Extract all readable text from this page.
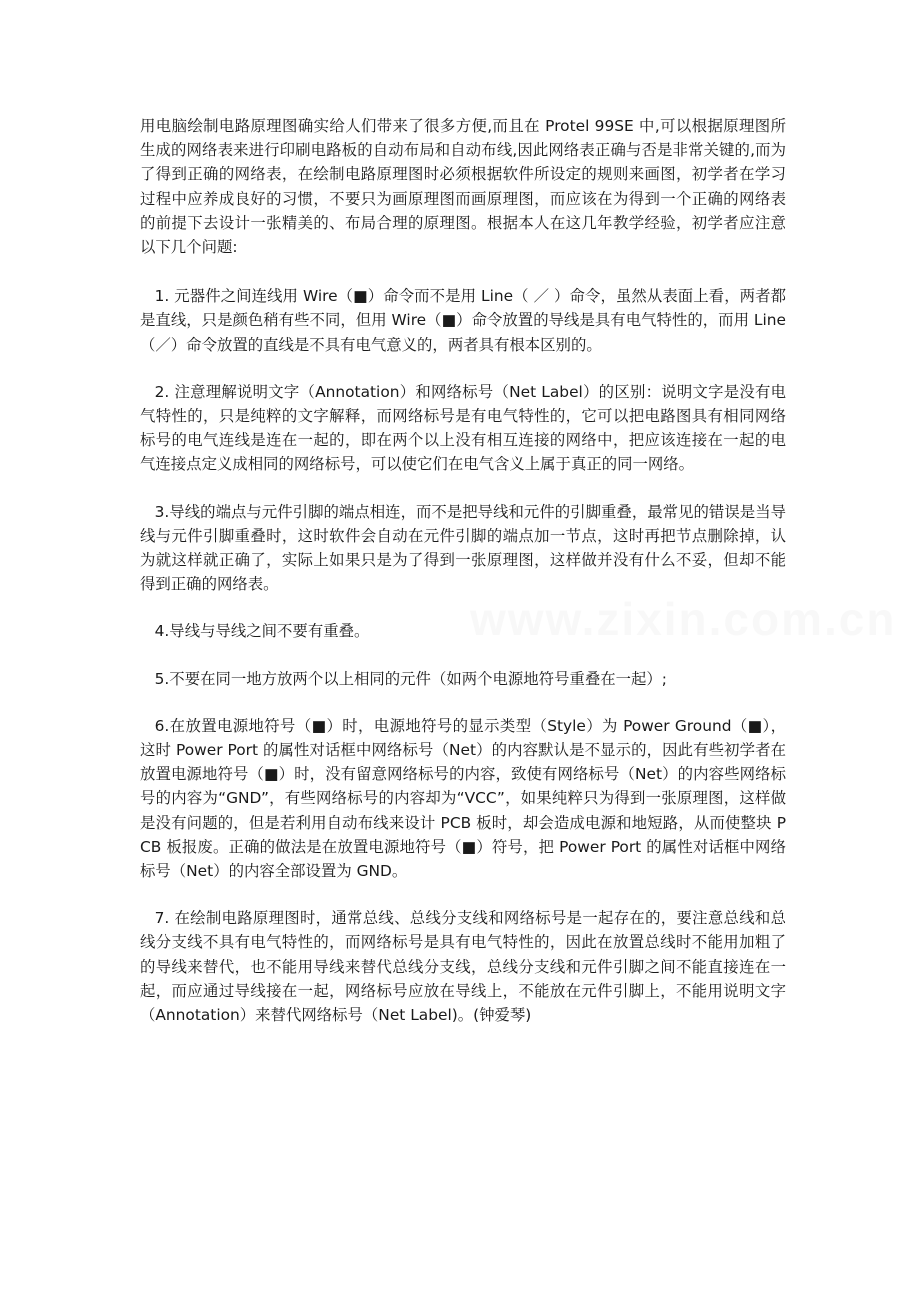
www.zixin.com.cn

用电脑绘制电路原理图确实给人们带来了很多方便,而且在 Protel 99SE 中,可以根据原理图所生成的网络表来进行印刷电路板的自动布局和自动布线,因此网络表正确与否是非常关键的,而为了得到正确的网络表，在绘制电路原理图时必须根据软件所设定的规则来画图，初学者在学习过程中应养成良好的习惯，不要只为画原理图而画原理图，而应该在为得到一个正确的网络表的前提下去设计一张精美的、布局合理的原理图。根据本人在这几年教学经验，初学者应注意以下几个问题:

1. 元器件之间连线用 Wire（■）命令而不是用 Line（ ／ ）命令，虽然从表面上看，两者都是直线，只是颜色稍有些不同，但用 Wire（■）命令放置的导线是具有电气特性的，而用 Line（／）命令放置的直线是不具有电气意义的，两者具有根本区别的。

2. 注意理解说明文字（Annotation）和网络标号（Net Label）的区别：说明文字是没有电气特性的，只是纯粹的文字解释，而网络标号是有电气特性的，它可以把电路图具有相同网络标号的电气连线是连在一起的，即在两个以上没有相互连接的网络中，把应该连接在一起的电气连接点定义成相同的网络标号，可以使它们在电气含义上属于真正的同一网络。

3.导线的端点与元件引脚的端点相连，而不是把导线和元件的引脚重叠，最常见的错误是当导线与元件引脚重叠时，这时软件会自动在元件引脚的端点加一节点，这时再把节点删除掉，认为就这样就正确了，实际上如果只是为了得到一张原理图，这样做并没有什么不妥，但却不能得到正确的网络表。

4.导线与导线之间不要有重叠。

5.不要在同一地方放两个以上相同的元件（如两个电源地符号重叠在一起）;

6.在放置电源地符号（■）时，电源地符号的显示类型（Style）为 Power Ground（■），这时 Power Port 的属性对话框中网络标号（Net）的内容默认是不显示的，因此有些初学者在放置电源地符号（■）时，没有留意网络标号的内容，致使有网络标号（Net）的内容些网络标号的内容为“GND”，有些网络标号的内容却为“VCC”，如果纯粹只为得到一张原理图，这样做是没有问题的，但是若利用自动布线来设计 PCB 板时，却会造成电源和地短路，从而使整块 PCB 板报废。正确的做法是在放置电源地符号（■）符号，把 Power Port 的属性对话框中网络标号（Net）的内容全部设置为 GND。

7. 在绘制电路原理图时，通常总线、总线分支线和网络标号是一起存在的，要注意总线和总线分支线不具有电气特性的，而网络标号是具有电气特性的，因此在放置总线时不能用加粗了的导线来替代，也不能用导线来替代总线分支线，总线分支线和元件引脚之间不能直接连在一起，而应通过导线接在一起，网络标号应放在导线上，不能放在元件引脚上，不能用说明文字（Annotation）来替代网络标号（Net Label)。(钟爱琴)
